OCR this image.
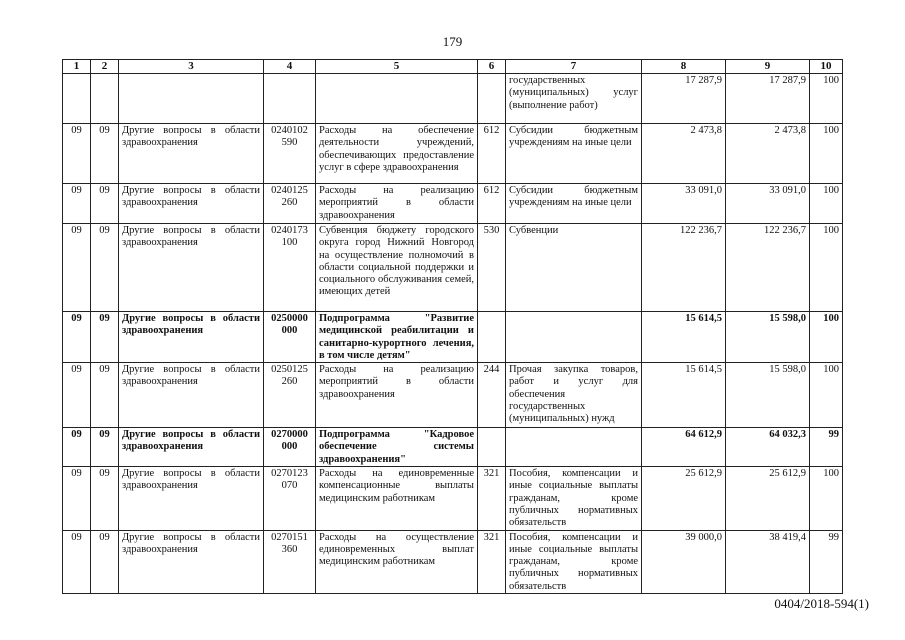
179
1	2	3	4	5	6	7	8	9	10
						государственных (муниципальных) услуг (выполнение работ)	17 287,9	17 287,9	100
09	09	Другие вопросы в области здравоохранения	0240102 590	Расходы на обеспечение деятельности учреждений, обеспечивающих предоставление услуг в сфере здравоохранения	612	Субсидии бюджетным учреждениям на иные цели	2 473,8	2 473,8	100
09	09	Другие вопросы в области здравоохранения	0240125 260	Расходы на реализацию мероприятий в области здравоохранения	612	Субсидии бюджетным учреждениям на иные цели	33 091,0	33 091,0	100
09	09	Другие вопросы в области здравоохранения	0240173 100	Субвенция бюджету городского округа город Нижний Новгород на осуществление полномочий в области социальной поддержки и социального обслуживания семей, имеющих детей	530	Субвенции	122 236,7	122 236,7	100
09	09	Другие вопросы в области здравоохранения	0250000 000	Подпрограмма "Развитие медицинской реабилитации и санитарно-курортного лечения, в том числе детям"			15 614,5	15 598,0	100
09	09	Другие вопросы в области здравоохранения	0250125 260	Расходы на реализацию мероприятий в области здравоохранения	244	Прочая закупка товаров, работ и услуг для обеспечения государственных (муниципальных) нужд	15 614,5	15 598,0	100
09	09	Другие вопросы в области здравоохранения	0270000 000	Подпрограмма "Кадровое обеспечение системы здравоохранения"			64 612,9	64 032,3	99
09	09	Другие вопросы в области здравоохранения	0270123 070	Расходы на единовременные компенсационные выплаты медицинским работникам	321	Пособия, компенсации и иные социальные выплаты гражданам, кроме публичных нормативных обязательств	25 612,9	25 612,9	100
09	09	Другие вопросы в области здравоохранения	0270151 360	Расходы на осуществление единовременных выплат медицинским работникам	321	Пособия, компенсации и иные социальные выплаты гражданам, кроме публичных нормативных обязательств	39 000,0	38 419,4	99
0404/2018-594(1)
